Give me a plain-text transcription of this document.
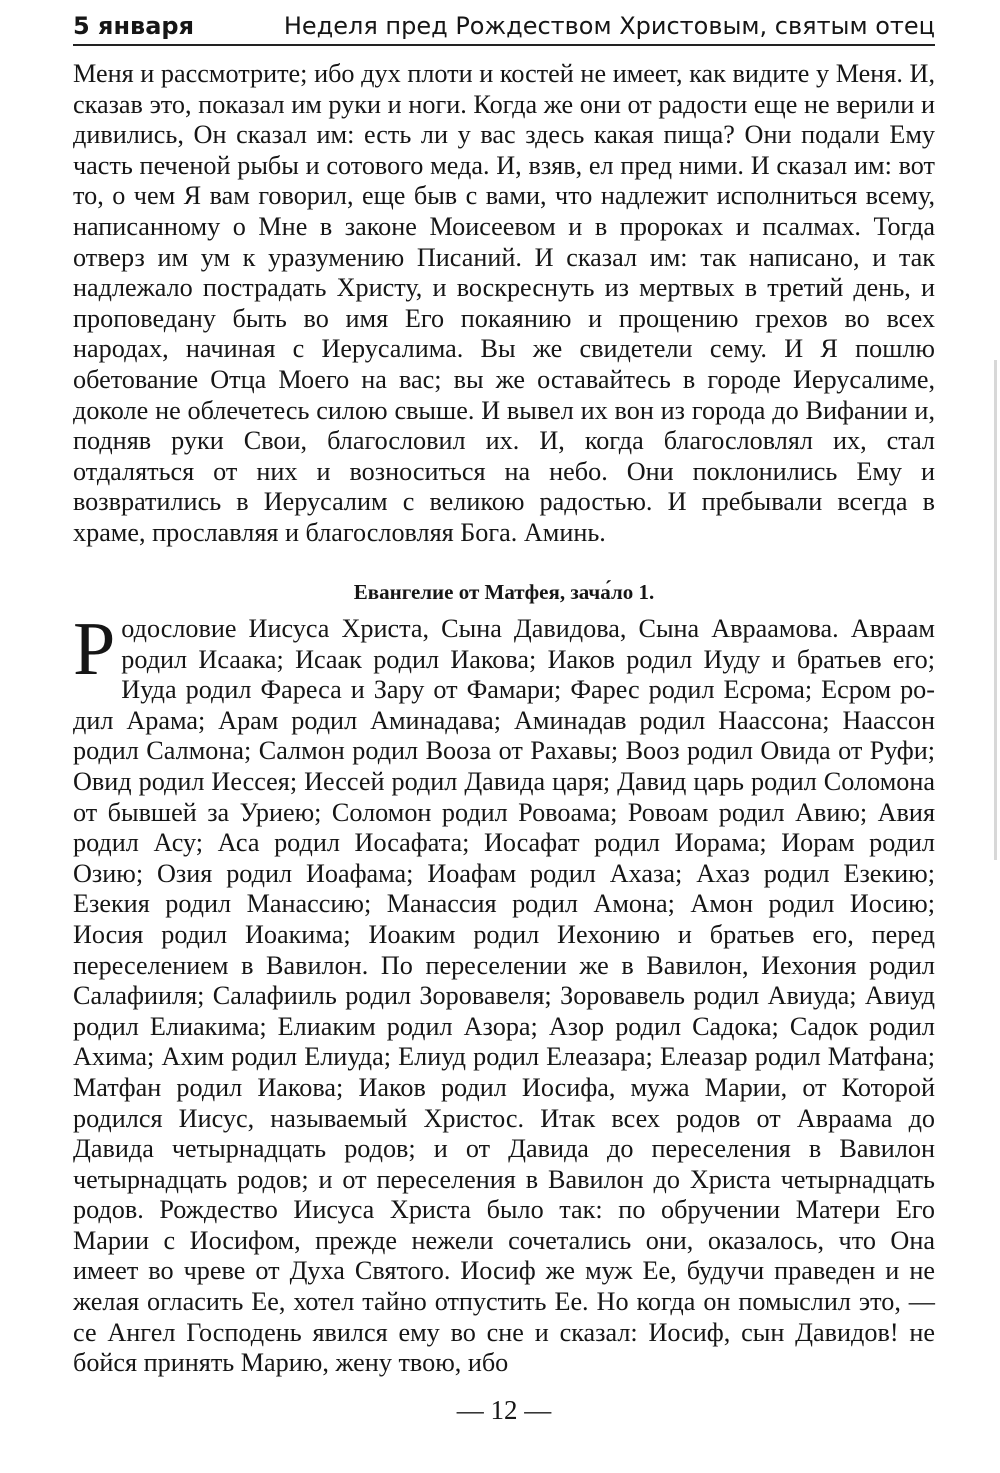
5 января	Неделя пред Рождеством Христовым, святым отец
Меня и рассмотрите; ибо дух плоти и костей не имеет, как видите у Меня. И, сказав это, показал им руки и ноги. Когда же они от радости еще не верили и дивились, Он сказал им: есть ли у вас здесь какая пища? Они подали Ему часть печеной рыбы и сотового меда. И, взяв, ел пред ними. И сказал им: вот то, о чем Я вам говорил, еще быв с вами, что надлежит исполниться всему, написанному о Мне в законе Моисеевом и в пророках и псалмах. Тогда отверз им ум к уразумению Писаний. И сказал им: так написано, и так надлежало пострадать Христу, и воскреснуть из мертвых в третий день, и проповедану быть во имя Его покаянию и прощению грехов во всех народах, начиная с Иерусалима. Вы же свидетели сему. И Я пошлю обетование Отца Моего на вас; вы же оставайтесь в городе Иерусалиме, доколе не облечетесь силою свыше. И вывел их вон из города до Вифании и, подняв руки Свои, благословил их. И, когда благословлял их, стал отдаляться от них и возноситься на небо. Они поклонились Ему и возвратились в Иерусалим с великою радостью. И пребывали всегда в храме, прославляя и благословляя Бога. Аминь.
Евангелие от Матфея, зача́ло 1.
Родословие Иисуса Христа, Сына Давидова, Сына Авраамова. Авраам родил Исаака; Исаак родил Иакова; Иаков родил Иуду и братьев его; Иуда родил Фареса и Зару от Фамари; Фарес родил Есрома; Есром родил Арама; Арам родил Аминадава; Аминадав родил Наассона; Наассон родил Салмона; Салмон родил Вооза от Рахавы; Вооз родил Овида от Руфи; Овид родил Иессея; Иессей родил Давида царя; Давид царь родил Соломона от бывшей за Уриею; Соломон родил Ровоама; Ровоам родил Авию; Авия родил Асу; Аса родил Иосафата; Иосафат родил Иорама; Иорам родил Озию; Озия родил Иоафама; Иоафам родил Ахаза; Ахаз родил Езекию; Езекия родил Манассию; Манассия родил Амона; Амон родил Иосию; Иосия родил Иоакима; Иоаким родил Иехонию и братьев его, перед переселением в Вавилон. По переселении же в Вавилон, Иехония родил Салафииля; Салафииль родил Зоровавеля; Зоровавель родил Авиуда; Авиуд родил Елиакима; Елиаким родил Азора; Азор родил Садока; Садок родил Ахима; Ахим родил Елиуда; Елиуд родил Елеазара; Елеазар родил Матфана; Матфан родил Иакова; Иаков родил Иосифа, мужа Марии, от Которой родился Иисус, называемый Христос. Итак всех родов от Авраама до Давида четырнадцать родов; и от Давида до переселения в Вавилон четырнадцать родов; и от переселения в Вавилон до Христа четырнадцать родов. Рождество Иисуса Христа было так: по обручении Матери Его Марии с Иосифом, прежде нежели сочетались они, оказалось, что Она имеет во чреве от Духа Святого. Иосиф же муж Ее, будучи праведен и не желая огласить Ее, хотел тайно отпустить Ее. Но когда он помыслил это, — се Ангел Господень явился ему во сне и сказал: Иосиф, сын Давидов! не бойся принять Марию, жену твою, ибо
— 12 —
